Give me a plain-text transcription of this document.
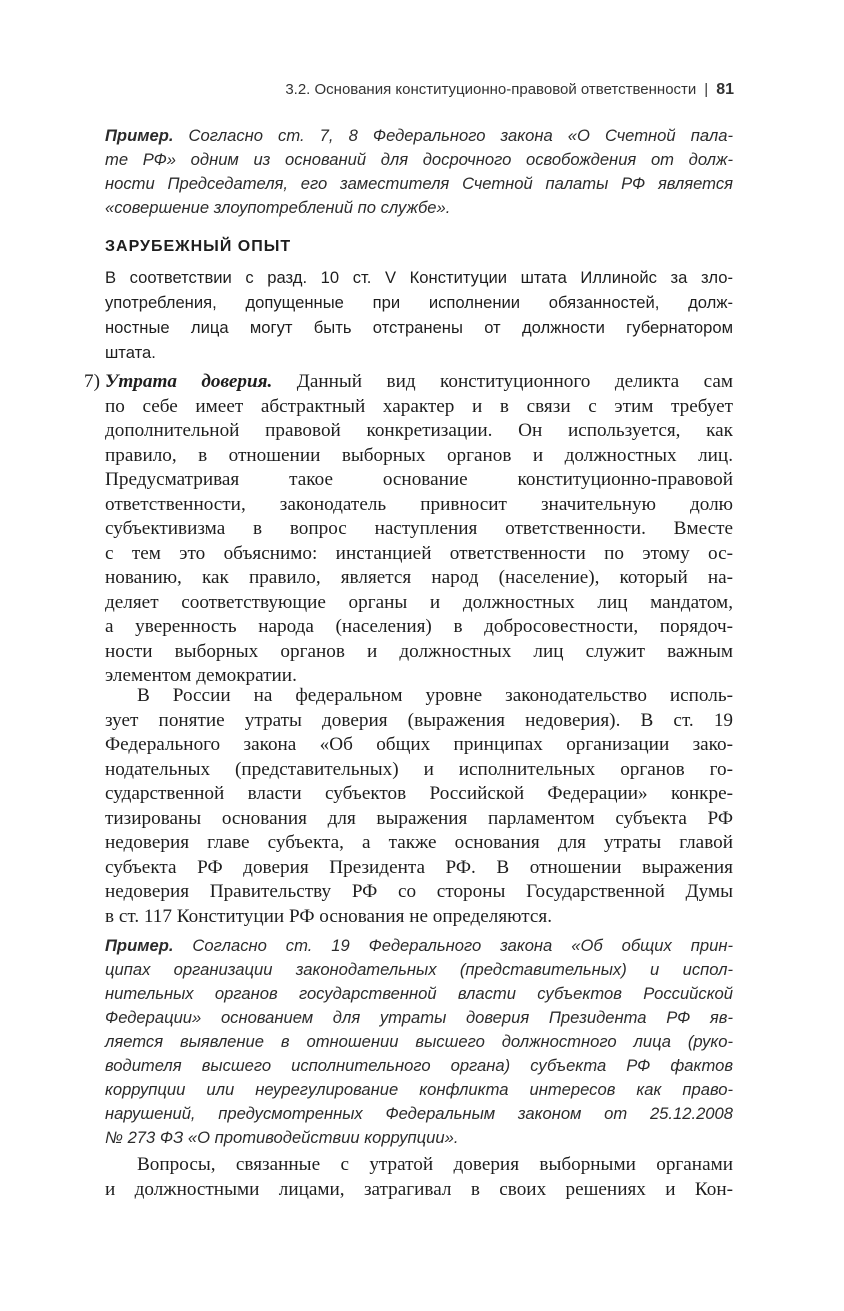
3.2. Основания конституционно-правовой ответственности | 81
Пример. Согласно ст. 7, 8 Федерального закона «О Счетной пала-
те РФ» одним из оснований для досрочного освобождения от долж-
ности Председателя, его заместителя Счетной палаты РФ является
«совершение злоупотреблений по службе».
ЗАРУБЕЖНЫЙ ОПЫТ
В соответствии с разд. 10 ст. V Конституции штата Иллинойс за зло-
употребления, допущенные при исполнении обязанностей, долж-
ностные лица могут быть отстранены от должности губернатором
штата.
7) Утрата доверия. Данный вид конституционного деликта сам
по себе имеет абстрактный характер и в связи с этим требует
дополнительной правовой конкретизации. Он используется, как
правило, в отношении выборных органов и должностных лиц.
Предусматривая такое основание конституционно-правовой
ответственности, законодатель привносит значительную долю
субъективизма в вопрос наступления ответственности. Вместе
с тем это объяснимо: инстанцией ответственности по этому ос-
нованию, как правило, является народ (население), который на-
деляет соответствующие органы и должностных лиц мандатом,
а уверенность народа (населения) в добросовестности, порядоч-
ности выборных органов и должностных лиц служит важным
элементом демократии.
В России на федеральном уровне законодательство исполь-
зует понятие утраты доверия (выражения недоверия). В ст. 19
Федерального закона «Об общих принципах организации зако-
нодательных (представительных) и исполнительных органов го-
сударственной власти субъектов Российской Федерации» конкре-
тизированы основания для выражения парламентом субъекта РФ
недоверия главе субъекта, а также основания для утраты главой
субъекта РФ доверия Президента РФ. В отношении выражения
недоверия Правительству РФ со стороны Государственной Думы
в ст. 117 Конституции РФ основания не определяются.
Пример. Согласно ст. 19 Федерального закона «Об общих прин-
ципах организации законодательных (представительных) и испол-
нительных органов государственной власти субъектов Российской
Федерации» основанием для утраты доверия Президента РФ яв-
ляется выявление в отношении высшего должностного лица (руко-
водителя высшего исполнительного органа) субъекта РФ фактов
коррупции или неурегулирование конфликта интересов как право-
нарушений, предусмотренных Федеральным законом от 25.12.2008
№ 273 ФЗ «О противодействии коррупции».
Вопросы, связанные с утратой доверия выборными органами
и должностными лицами, затрагивал в своих решениях и Кон-
